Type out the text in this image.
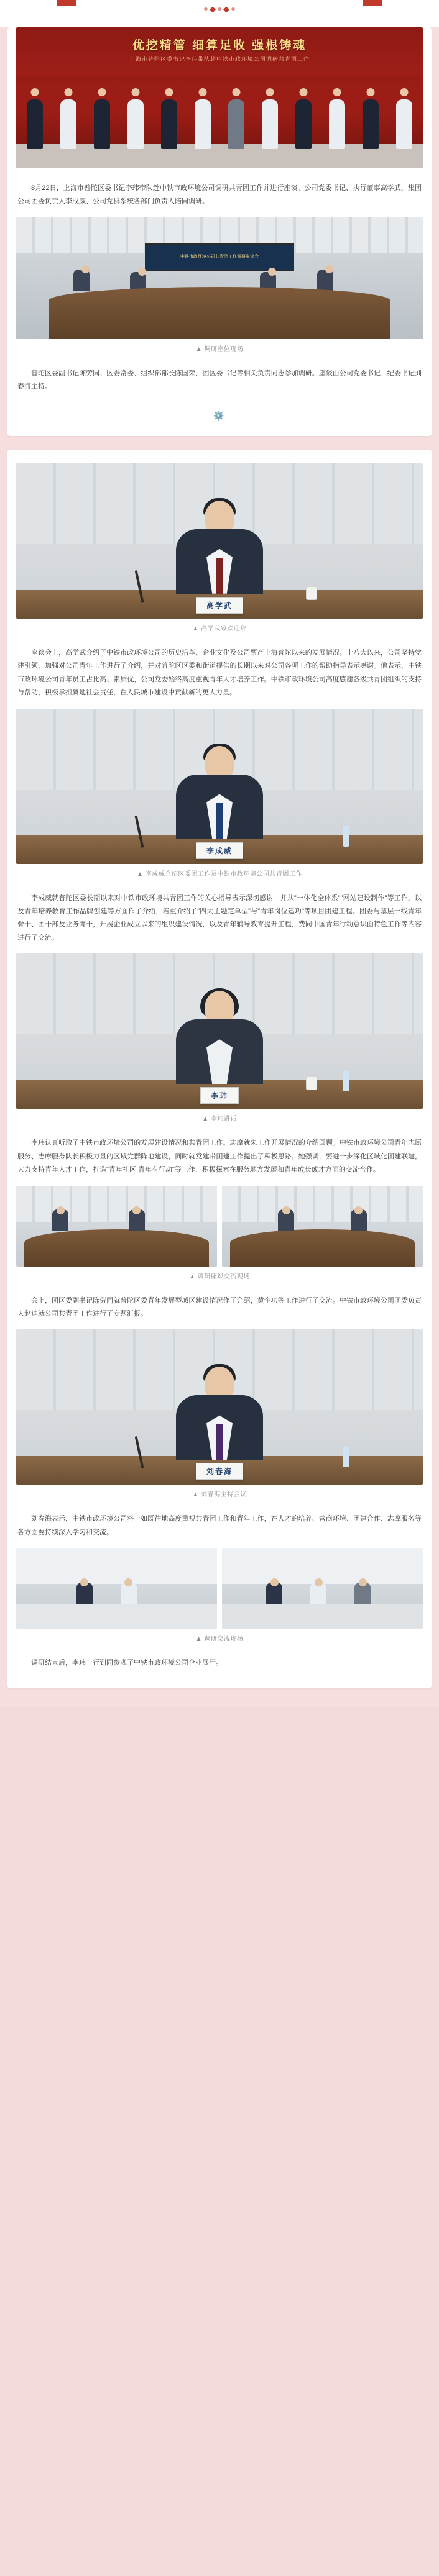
优挖精管 细算足收 强根铸魂
上海市普陀区委书记李玮带队赴中铁市政环境公司调研共青团工作

8月22日，上海市普陀区委书记李玮带队赴中铁市政环境公司调研共青团工作并进行座谈。公司党委书记、执行董事高学武，集团公司团委负责人李成威、公司党群系统各部门负责人陪同调研。

中铁市政环境公司共青团工作调研座谈会
▲ 调研座位现场

普陀区委副书记陈劳同、区委常委、组织部部长陈国荣，团区委书记等相关负责同志参加调研。座谈由公司党委书记、纪委书记刘春海主持。

⚙️
高学武
▲ 高学武致欢迎辞

座谈会上，高学武介绍了中铁市政环境公司的历史沿革、企业文化及公司票产上海普陀以来的发展情况。十八大以来，公司坚持党建引领，加强对公司青年工作进行了介绍，并对普陀区区委和街道提供的长期以来对公司各项工作的帮助指导表示感谢。他表示，中铁市政环境公司青年员工占比高、素质优，公司党委始终高度重视青年人才培养工作。中铁市政环境公司高度感谢各级共青团组织的支持与帮助，积极承担属地社会责任，在人民城市建设中贡献新的更大力量。

李成威
▲ 李成威介绍区委团工作及中铁市政环境公司共青团工作

李成威就普陀区委长期以来对中铁市政环境共青团工作的关心指导表示深切感谢。并从"一体化全体系""网站建设制作"等工作，以及青年培养教育工作品牌创建等方面作了介绍，着重介绍了"四大主题定单型"与"青年岗位建功"等项目团建工程。团委与基层一线青年骨干、团干部及业务骨干，开展企业成立以来的组织建设情况，以及青年辅导教育提升工程，费同中国青年行动意识面特色工作等内容进行了交流。

李玮
▲ 李玮讲话

李玮认真听取了中铁市政环境公司的发展建设情况和共青团工作。志摩就朱工作开展情况的介绍回顾。中铁市政环境公司青年志愿服务、志摩服务队长积极力量的区域党群阵地建设，同时就党建带团建工作提出了积极思路。她强调，要进一步深化区域化团建联建，大力支持青年人才工作，打造"青年社区 青年有行动"等工作，积极探索在服务地方发展和青年成长成才方面的交流合作。

▲ 调研座谈交流现场

会上，团区委副书记陈劳同就普陀区委青年发展型城区建设情况作了介绍，黄企功等工作进行了交流。中铁市政环境公司团委负责人赵迪就公司共青团工作进行了专题汇报。

刘春海
▲ 刘春海主持会议

刘春海表示，中铁市政环境公司将一如既往地高度重视共青团工作和青年工作，在人才的培养、营商环境、团建合作、志摩服务等各方面要持续深入学习和交流。

▲ 调研交流现场

调研结束后，李玮一行到同参观了中铁市政环境公司企业展厅。
